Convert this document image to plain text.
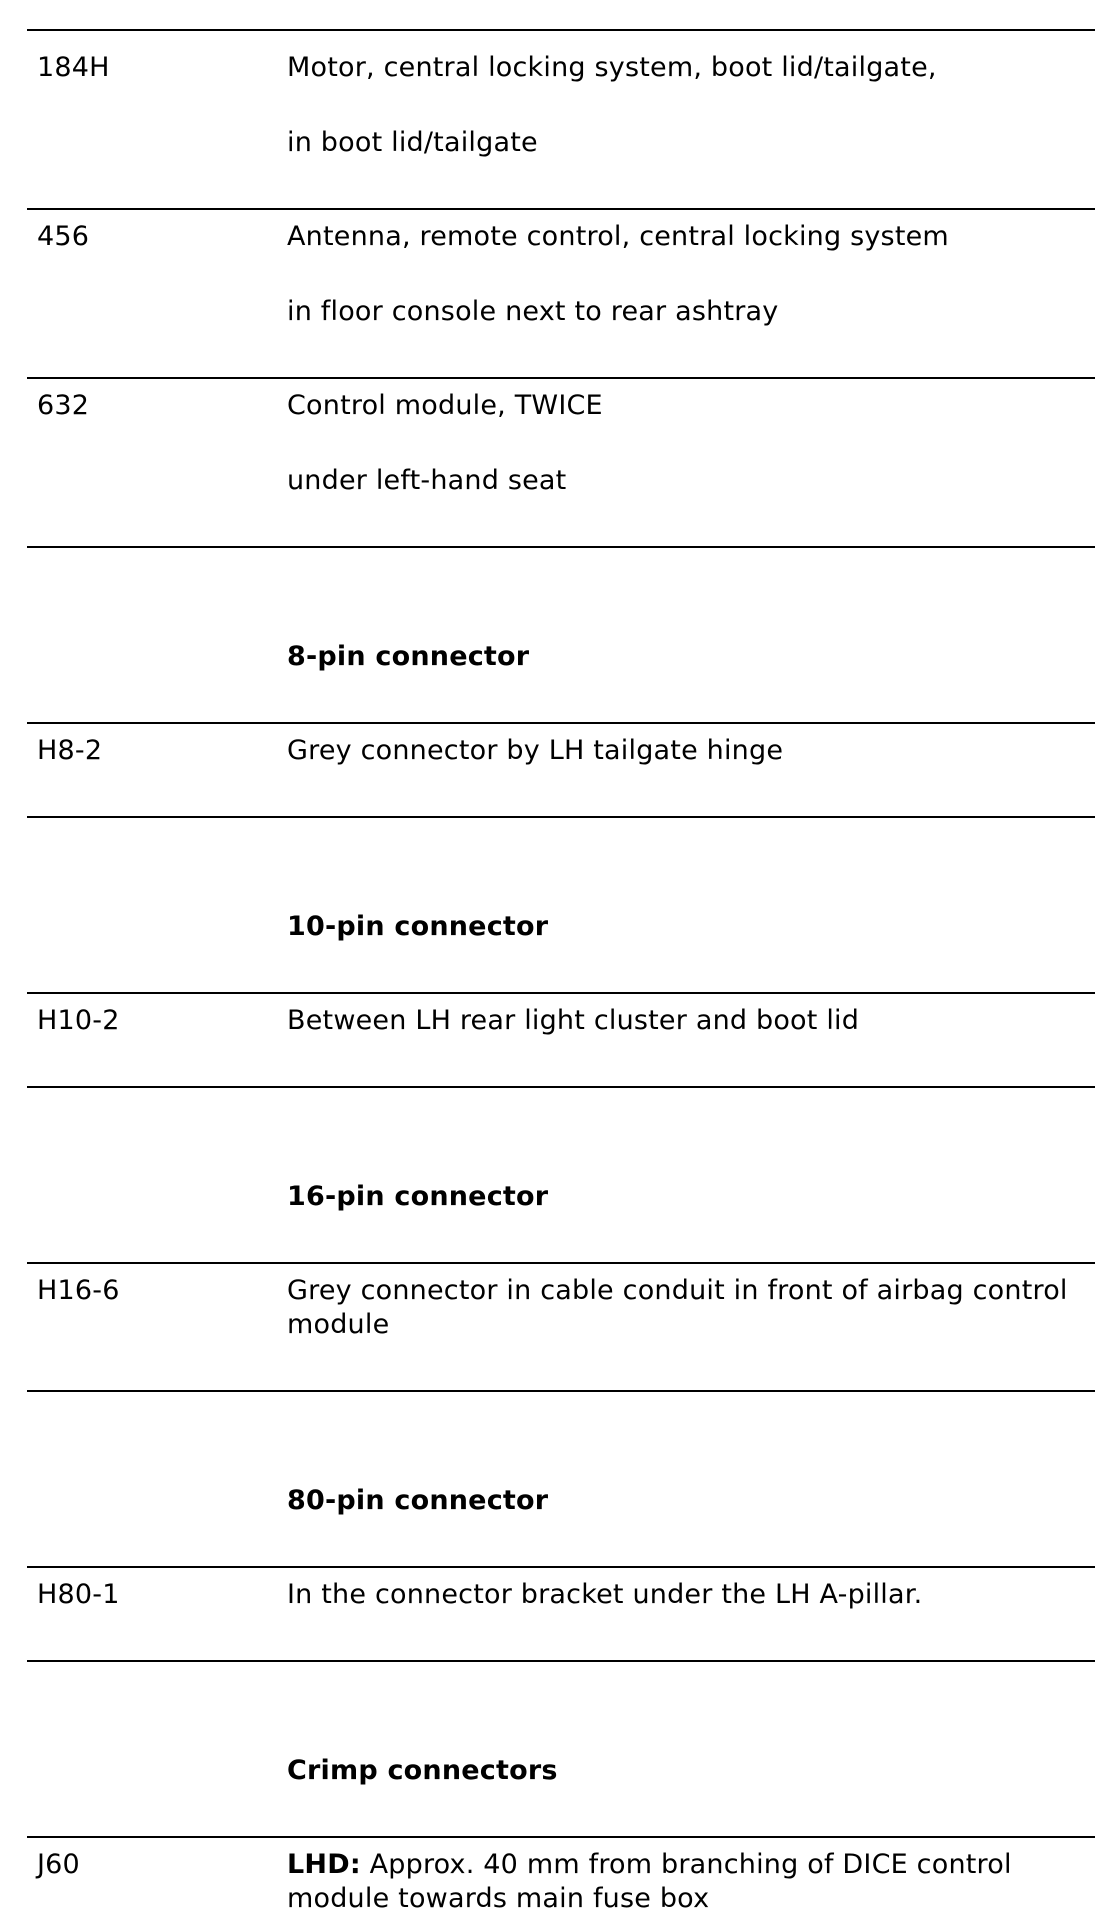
184H	Motor, central locking system, boot lid/tailgate,
in boot lid/tailgate
456	Antenna, remote control, central locking system
in floor console next to rear ashtray
632	Control module, TWICE
under left-hand seat
8-pin connector
H8-2	Grey connector by LH tailgate hinge
10-pin connector
H10-2	Between LH rear light cluster and boot lid
16-pin connector
H16-6	Grey connector in cable conduit in front of airbag control module
80-pin connector
H80-1	In the connector bracket under the LH A-pillar.
Crimp connectors
J60	LHD: Approx. 40 mm from branching of DICE control module towards main fuse box
